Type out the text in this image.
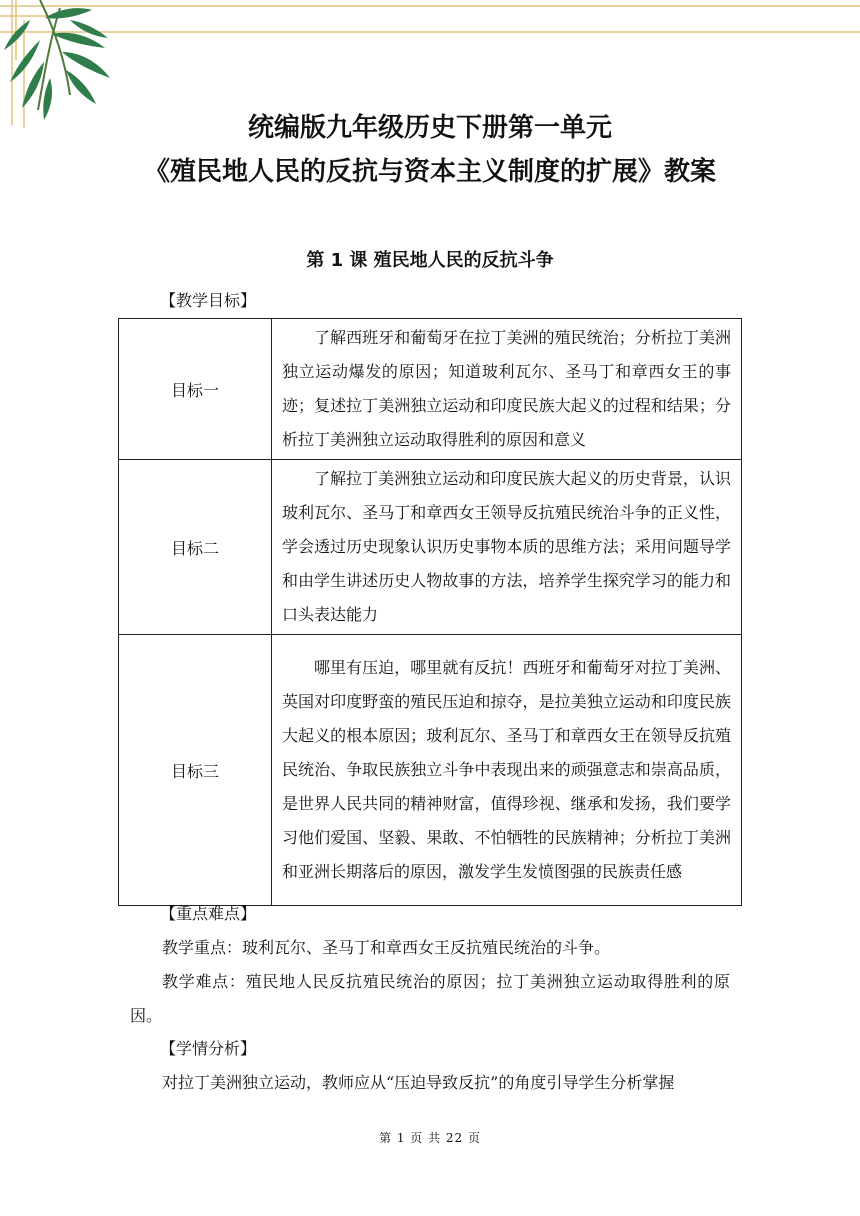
统编版九年级历史下册第一单元
《殖民地人民的反抗与资本主义制度的扩展》教案
第 1 课 殖民地人民的反抗斗争
【教学目标】
目标一	了解西班牙和葡萄牙在拉丁美洲的殖民统治；分析拉丁美洲独立运动爆发的原因；知道玻利瓦尔、圣马丁和章西女王的事迹；复述拉丁美洲独立运动和印度民族大起义的过程和结果；分析拉丁美洲独立运动取得胜利的原因和意义
目标二	了解拉丁美洲独立运动和印度民族大起义的历史背景，认识玻利瓦尔、圣马丁和章西女王领导反抗殖民统治斗争的正义性，学会透过历史现象认识历史事物本质的思维方法；采用问题导学和由学生讲述历史人物故事的方法，培养学生探究学习的能力和口头表达能力
目标三	哪里有压迫，哪里就有反抗！西班牙和葡萄牙对拉丁美洲、英国对印度野蛮的殖民压迫和掠夺，是拉美独立运动和印度民族大起义的根本原因；玻利瓦尔、圣马丁和章西女王在领导反抗殖民统治、争取民族独立斗争中表现出来的顽强意志和崇高品质，是世界人民共同的精神财富，值得珍视、继承和发扬，我们要学习他们爱国、坚毅、果敢、不怕牺牲的民族精神；分析拉丁美洲和亚洲长期落后的原因，激发学生发愤图强的民族责任感
【重点难点】

教学重点：玻利瓦尔、圣马丁和章西女王反抗殖民统治的斗争。

教学难点：殖民地人民反抗殖民统治的原因；拉丁美洲独立运动取得胜利的原因。

【学情分析】

对拉丁美洲独立运动，教师应从“压迫导致反抗”的角度引导学生分析掌握

第 1 页 共 22 页
